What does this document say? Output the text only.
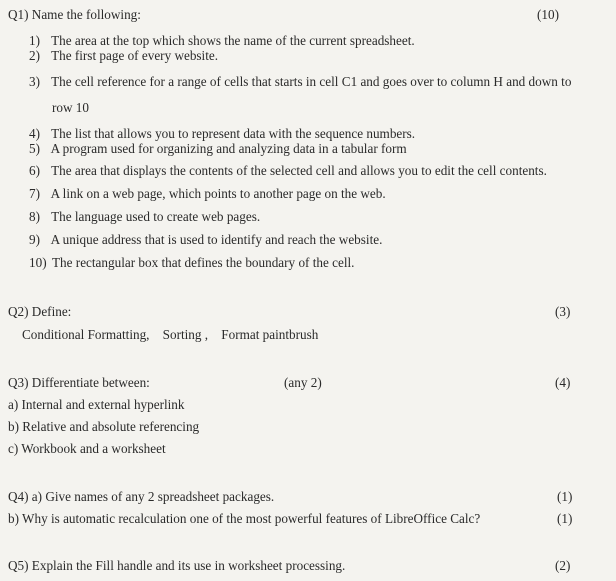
Q1) Name the following:	(10)
1) The area at the top which shows the name of the current spreadsheet.
2) The first page of every website.
3) The cell reference for a range of cells that starts in cell C1 and goes over to column H and down to
row 10
4) The list that allows you to represent data with the sequence numbers.
5) A program used for organizing and analyzing data in a tabular form
6) The area that displays the contents of the selected cell and allows you to edit the cell contents.
7) A link on a web page, which points to another page on the web.
8) The language used to create web pages.
9) A unique address that is used to identify and reach the website.
10) The rectangular box that defines the boundary of the cell.
Q2) Define:	(3)
Conditional Formatting,    Sorting ,    Format paintbrush
Q3) Differentiate between:	(any 2)	(4)
a) Internal and external hyperlink
b) Relative and absolute referencing
c) Workbook and a worksheet
Q4) a) Give names of any 2 spreadsheet packages.	(1)
b) Why is automatic recalculation one of the most powerful features of LibreOffice Calc?	(1)
Q5) Explain the Fill handle and its use in worksheet processing.	(2)
